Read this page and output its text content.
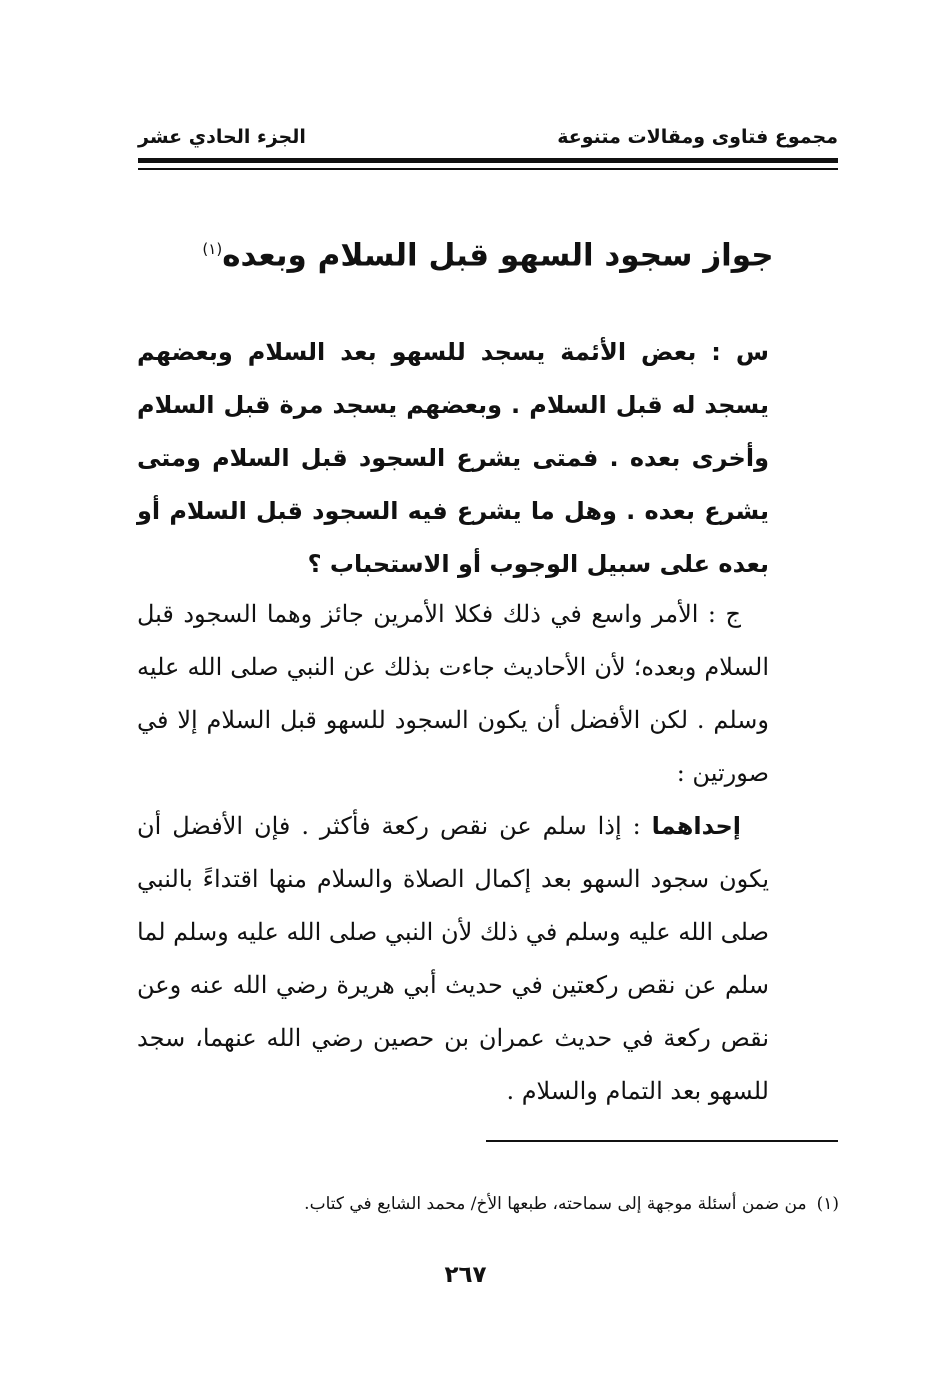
مجموع فتاوى ومقالات متنوعة
الجزء الحادي عشر
جواز سجود السهو قبل السلام وبعده$^{(١)}$

س : بعض الأئمة يسجد للسهو بعد السلام وبعضهم يسجد له قبل السلام . وبعضهم يسجد مرة قبل السلام وأخرى بعده . فمتى يشرع السجود قبل السلام ومتى يشرع بعده . وهل ما يشرع فيه السجود قبل السلام أو بعده على سبيل الوجوب أو الاستحباب ؟

ج : الأمر واسع في ذلك فكلا الأمرين جائز وهما السجود قبل السلام وبعده؛ لأن الأحاديث جاءت بذلك عن النبي صلى الله عليه وسلم . لكن الأفضل أن يكون السجود للسهو قبل السلام إلا في صورتين :

إحداهما : إذا سلم عن نقص ركعة فأكثر . فإن الأفضل أن يكون سجود السهو بعد إكمال الصلاة والسلام منها اقتداءً بالنبي صلى الله عليه وسلم في ذلك لأن النبي صلى الله عليه وسلم لما سلم عن نقص ركعتين في حديث أبي هريرة رضي الله عنه وعن نقص ركعة في حديث عمران بن حصين رضي الله عنهما، سجد للسهو بعد التمام والسلام .

(١)من ضمن أسئلة موجهة إلى سماحته، طبعها الأخ/ محمد الشايع في كتاب.
٢٦٧
